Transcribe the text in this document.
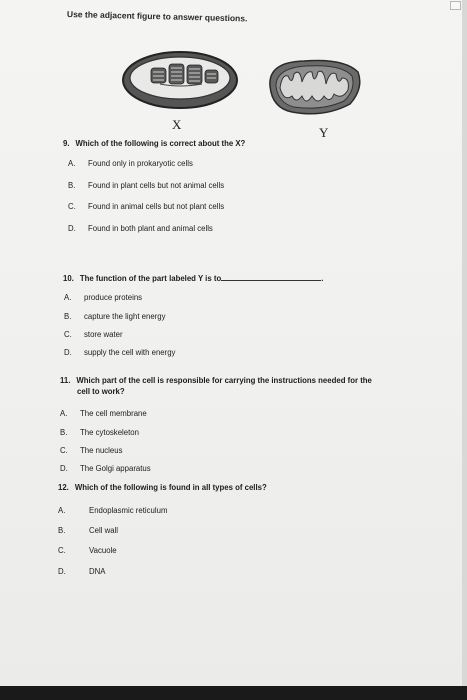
Use the adjacent figure to answer questions.
X
Y
9. Which of the following is correct about the X?
A. Found only in prokaryotic cells
B. Found in plant cells but not animal cells
C. Found in animal cells but not plant cells
D. Found in both plant and animal cells
10. The function of the part labeled Y is to	.
A. produce proteins
B. capture the light energy
C. store water
D. supply the cell with energy
11. Which part of the cell is responsible for carrying the instructions needed for the
cell to work?
A. The cell membrane
B. The cytoskeleton
C. The nucleus
D. The Golgi apparatus
12. Which of the following is found in all types of cells?
A.	Endoplasmic reticulum
B.	Cell wall
C.	Vacuole
D.	DNA
